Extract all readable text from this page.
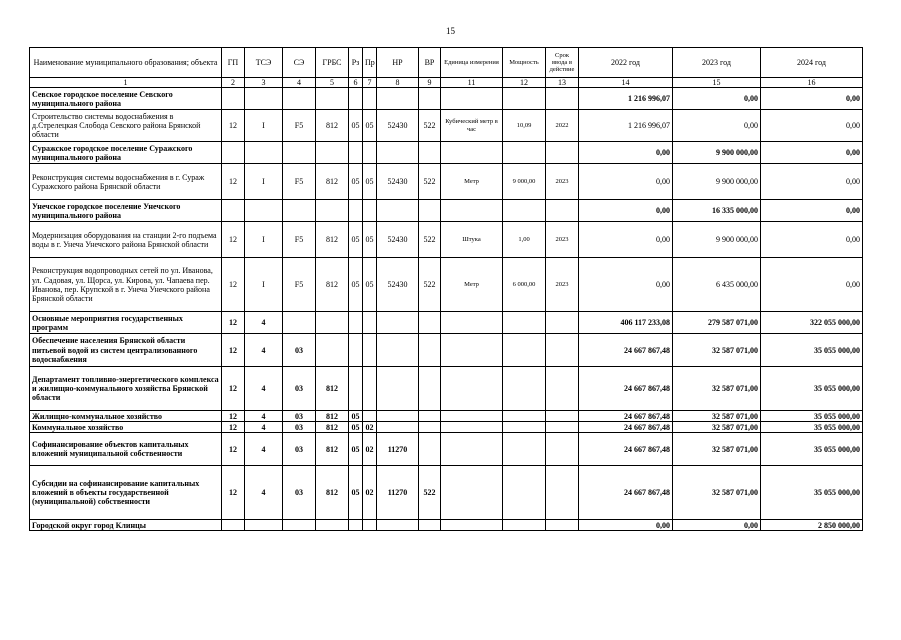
15
Наименование муниципального образования; объекта	ГП	ТСЭ	СЭ	ГРБС	Рз	Пр	НР	ВР	Единица измерения	Мощность	Срок ввода в действие	2022 год	2023 год	2024 год
1	2	3	4	5	6	7	8	9	11	12	13	14	15	16
Севское городское поселение Севского муниципального района												1 216 996,07	0,00	0,00
Строительство системы водоснабжения в д.Стрелецкая Слобода Севского района Брянской области	12	I	F5	812	05	05	52430	522	Кубический метр в час	10,09	2022	1 216 996,07	0,00	0,00
Суражское городское поселение Суражского муниципального района												0,00	9 900 000,00	0,00
Реконструкция системы водоснабжения в г. Сураж Суражского района Брянской области	12	I	F5	812	05	05	52430	522	Метр	9 000,00	2023	0,00	9 900 000,00	0,00
Унечское городское поселение Унечского муниципального района												0,00	16 335 000,00	0,00
Модернизация оборудования на станции 2-го подъема воды в г. Унеча Унечского района Брянской области	12	I	F5	812	05	05	52430	522	Штука	1,00	2023	0,00	9 900 000,00	0,00
Реконструкция водопроводных сетей по ул. Иванова, ул. Садовая, ул. Щорса, ул. Кирова, ул. Чапаева пер. Иванова, пер. Крупской в г. Унеча Унечского района Брянской области	12	I	F5	812	05	05	52430	522	Метр	6 000,00	2023	0,00	6 435 000,00	0,00
Основные мероприятия государственных программ	12	4										406 117 233,08	279 587 071,00	322 055 000,00
Обеспечение населения Брянской области питьевой водой из систем централизованного водоснабжения	12	4	03									24 667 867,48	32 587 071,00	35 055 000,00
Департамент топливно-энергетического комплекса и жилищно-коммунального хозяйства Брянской области	12	4	03	812								24 667 867,48	32 587 071,00	35 055 000,00
Жилищно-коммунальное хозяйство	12	4	03	812	05							24 667 867,48	32 587 071,00	35 055 000,00
Коммунальное хозяйство	12	4	03	812	05	02						24 667 867,48	32 587 071,00	35 055 000,00
Софинансирование объектов капитальных вложений муниципальной собственности	12	4	03	812	05	02	11270					24 667 867,48	32 587 071,00	35 055 000,00
Субсидии на софинансирование капитальных вложений в объекты государственной (муниципальной) собственности	12	4	03	812	05	02	11270	522				24 667 867,48	32 587 071,00	35 055 000,00
Городской округ город Клинцы												0,00	0,00	2 850 000,00
